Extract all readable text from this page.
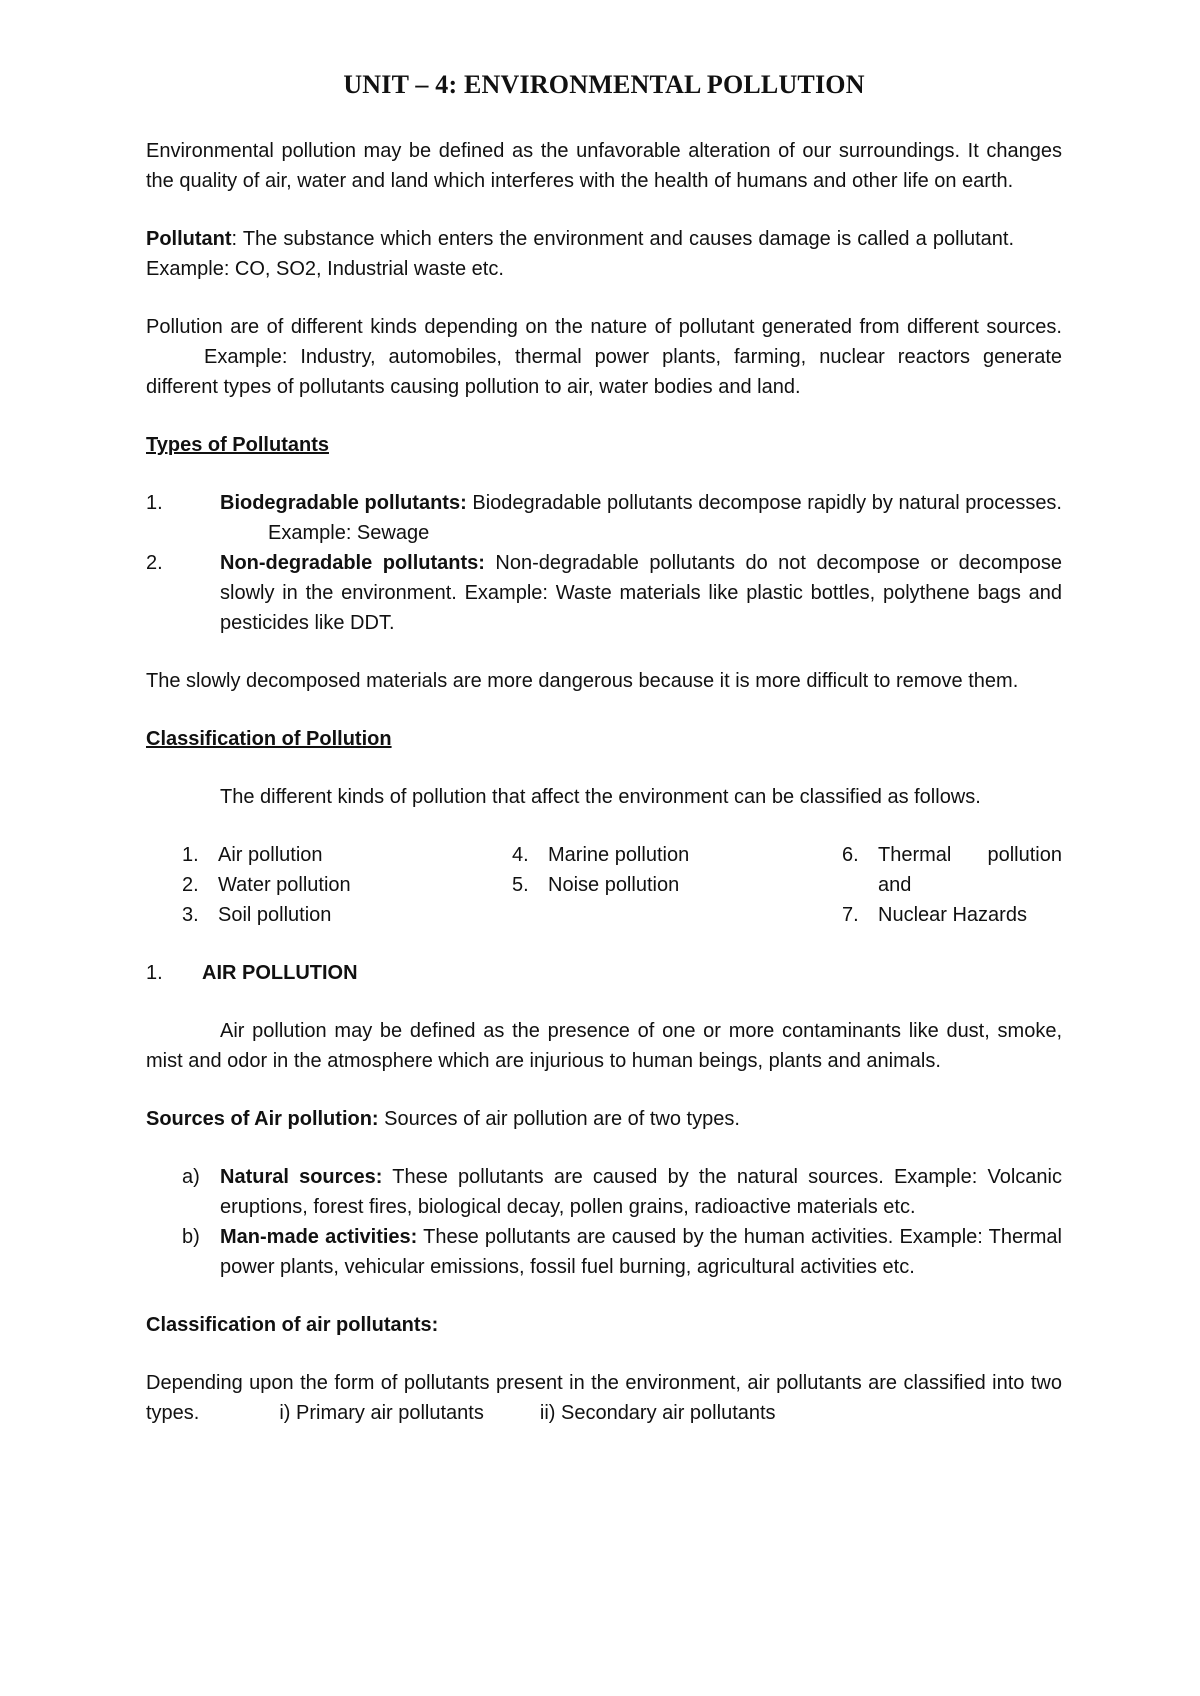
UNIT – 4: ENVIRONMENTAL POLLUTION

Environmental pollution may be defined as the unfavorable alteration of our surroundings. It changes the quality of air, water and land which interferes with the health of humans and other life on earth.

Pollutant: The substance which enters the environment and causes damage is called a pollutant.Example: CO, SO2, Industrial waste etc.

Pollution are of different kinds depending on the nature of pollutant generated from different sources.Example: Industry, automobiles, thermal power plants, farming, nuclear reactors generate different types of pollutants causing pollution to air, water bodies and land.

Types of Pollutants
1.	Biodegradable pollutants: Biodegradable pollutants decompose rapidly by natural processes.Example: Sewage
2.	Non-degradable pollutants: Non-degradable pollutants do not decompose or decompose slowly in the environment. Example: Waste materials like plastic bottles, polythene bags and pesticides like DDT.

The slowly decomposed materials are more dangerous because it is more difficult to remove them.

Classification of Pollution

The different kinds of pollution that affect the environment can be classified as follows.

1. Air pollution
2. Water pollution
3. Soil pollution
4. Marine pollution
5. Noise pollution
6. Thermal pollution and
7. Nuclear Hazards
1. AIR POLLUTION

Air pollution may be defined as the presence of one or more contaminants like dust, smoke, mist and odor in the atmosphere which are injurious to human beings, plants and animals.

Sources of Air pollution: Sources of air pollution are of two types.

a) Natural sources: These pollutants are caused by the natural sources. Example: Volcanic eruptions, forest fires, biological decay, pollen grains, radioactive materials etc.
b) Man-made activities: These pollutants are caused by the human activities. Example: Thermal power plants, vehicular emissions, fossil fuel burning, agricultural activities etc.
Classification of air pollutants:

Depending upon the form of pollutants present in the environment, air pollutants are classified into two types.	i) Primary air pollutants	ii) Secondary air pollutants
